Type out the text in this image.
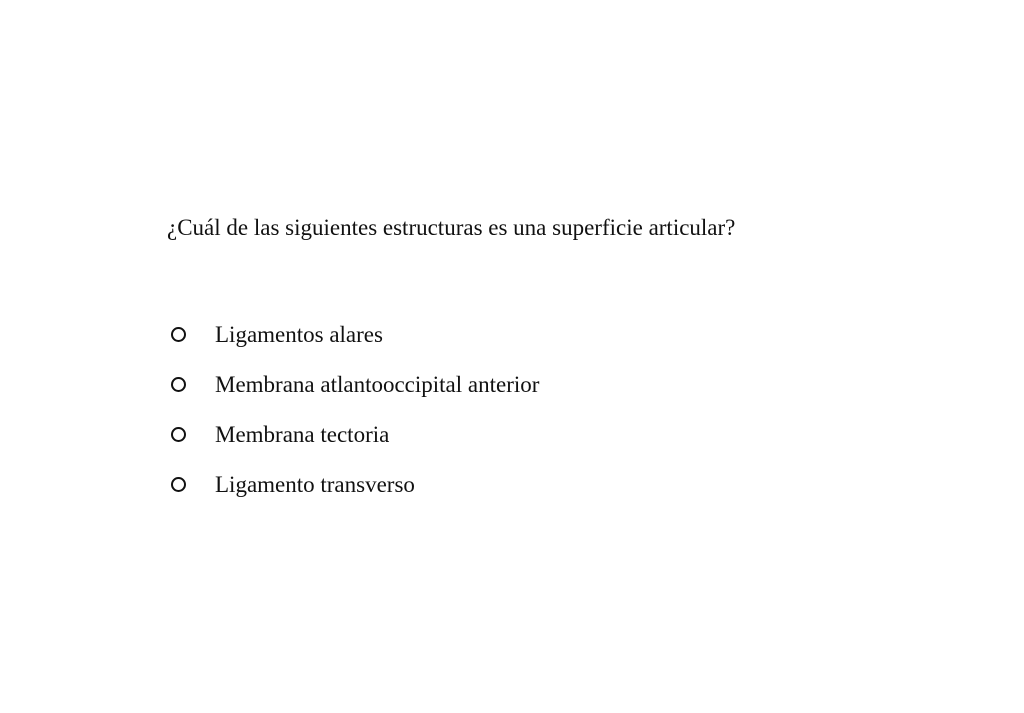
¿Cuál de las siguientes estructuras es una superficie articular?

Ligamentos alares
Membrana atlantooccipital anterior
Membrana tectoria
Ligamento transverso
